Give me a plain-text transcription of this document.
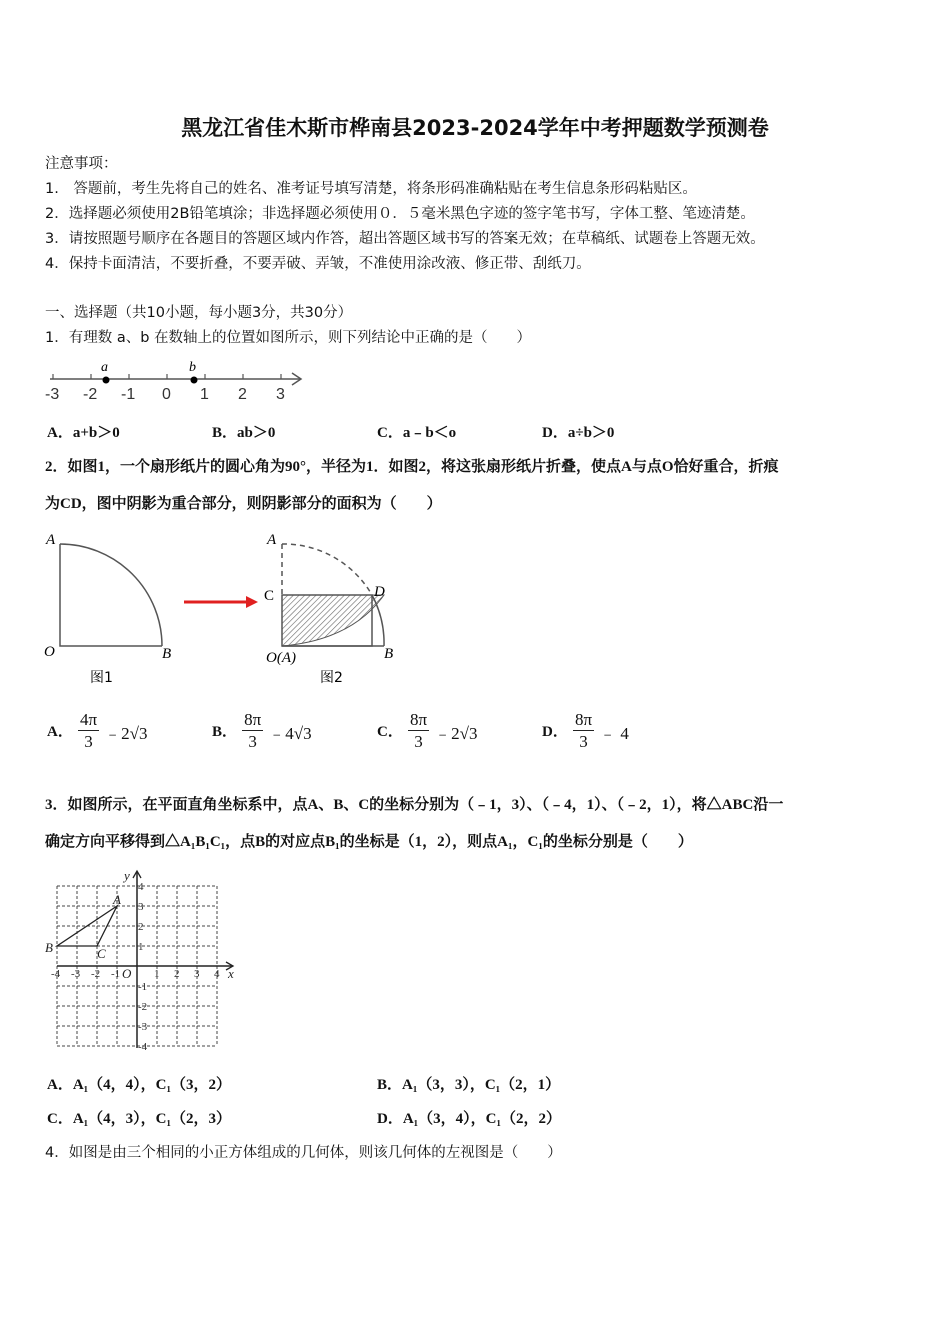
黑龙江省佳木斯市桦南县2023-2024学年中考押题数学预测卷
注意事项：
1.　答题前，考生先将自己的姓名、准考证号填写清楚，将条形码准确粘贴在考生信息条形码粘贴区。
2．选择题必须使用2B铅笔填涂；非选择题必须使用０．５毫米黑色字迹的签字笔书写，字体工整、笔迹清楚。
3．请按照题号顺序在各题目的答题区域内作答，超出答题区域书写的答案无效；在草稿纸、试题卷上答题无效。
4．保持卡面清洁，不要折叠，不要弄破、弄皱，不准使用涂改液、修正带、刮纸刀。
一、选择题（共10小题，每小题3分，共30分）
1．有理数 a、b 在数轴上的位置如图所示，则下列结论中正确的是（　　）
-3 -2 -1 0 1 2 3
a	b
A．a+b＞0	B．ab＞0	C．a﹣b＜o	D．a÷b＞0
2．如图1，一个扇形纸片的圆心角为90°，半径为1．如图2，将这张扇形纸片折叠，使点A与点O恰好重合，折痕
为CD，图中阴影为重合部分，则阴影部分的面积为（　　）
A
O	B
图1
A
C	D
O(A)	B
图2
A． $\frac{4\pi}{3}$ ﹣2√3	B． $\frac{8\pi}{3}$ ﹣4√3	C． $\frac{8\pi}{3}$ ﹣2√3	D． $\frac{8\pi}{3}$ ﹣ 4
3．如图所示，在平面直角坐标系中，点A、B、C的坐标分别为（﹣1，3）、（﹣4，1）、（﹣2，1），将△ABC沿一
确定方向平移得到△A₁B₁C₁，点B的对应点B₁的坐标是（1，2），则点A₁，C₁的坐标分别是（　　）
-4 -3 -2 -1	1 2 3 4
4
3
2
1
-1
-2
-3
-4
y
x
O
A
B	C
A．A₁（4，4），C₁（3，2）	B．A₁（3，3），C₁（2，1）
C．A₁（4，3），C₁（2，3）	D．A₁（3，4），C₁（2，2）
4．如图是由三个相同的小正方体组成的几何体，则该几何体的左视图是（　　）
